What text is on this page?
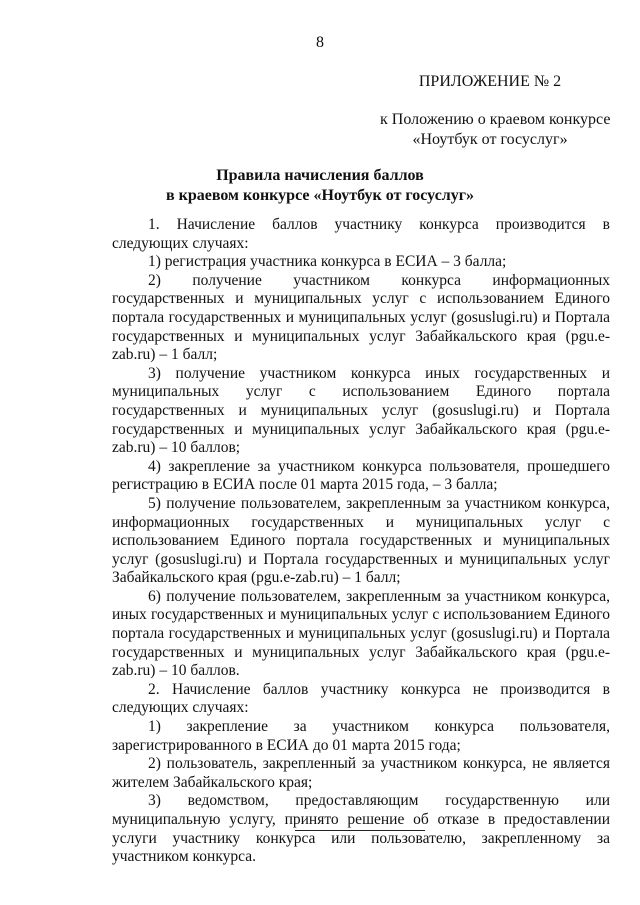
8
ПРИЛОЖЕНИЕ № 2
к Положению о краевом конкурсе
«Ноутбук от госуслуг»
Правила начисления баллов
в краевом конкурсе «Ноутбук от госуслуг»

1. Начисление баллов участнику конкурса производится в следующих случаях:

1) регистрация участника конкурса в ЕСИА – 3 балла;

2) получение участником конкурса информационных государственных и муниципальных услуг с использованием Единого портала государственных и муниципальных услуг (gosuslugi.ru) и Портала государственных и муниципальных услуг Забайкальского края (pgu.e-zab.ru) – 1 балл;

3) получение участником конкурса иных государственных и муниципальных услуг с использованием Единого портала государственных и муниципальных услуг (gosuslugi.ru) и Портала государственных и муниципальных услуг Забайкальского края (pgu.e-zab.ru) – 10 баллов;

4) закрепление за участником конкурса пользователя, прошедшего регистрацию в ЕСИА после 01 марта 2015 года, – 3 балла;

5) получение пользователем, закрепленным за участником конкурса, информационных государственных и муниципальных услуг с использованием Единого портала государственных и муниципальных услуг (gosuslugi.ru) и Портала государственных и муниципальных услуг Забайкальского края (pgu.e-zab.ru) – 1 балл;

6) получение пользователем, закрепленным за участником конкурса, иных государственных и муниципальных услуг с использованием Единого портала государственных и муниципальных услуг (gosuslugi.ru) и Портала государственных и муниципальных услуг Забайкальского края (pgu.e-zab.ru) – 10 баллов.

2. Начисление баллов участнику конкурса не производится в следующих случаях:

1) закрепление за участником конкурса пользователя, зарегистрированного в ЕСИА до 01 марта 2015 года;

2) пользователь, закрепленный за участником конкурса, не является жителем Забайкальского края;

3) ведомством, предоставляющим государственную или муниципальную услугу, принято решение об отказе в предоставлении услуги участнику конкурса или пользователю, закрепленному за участником конкурса.
